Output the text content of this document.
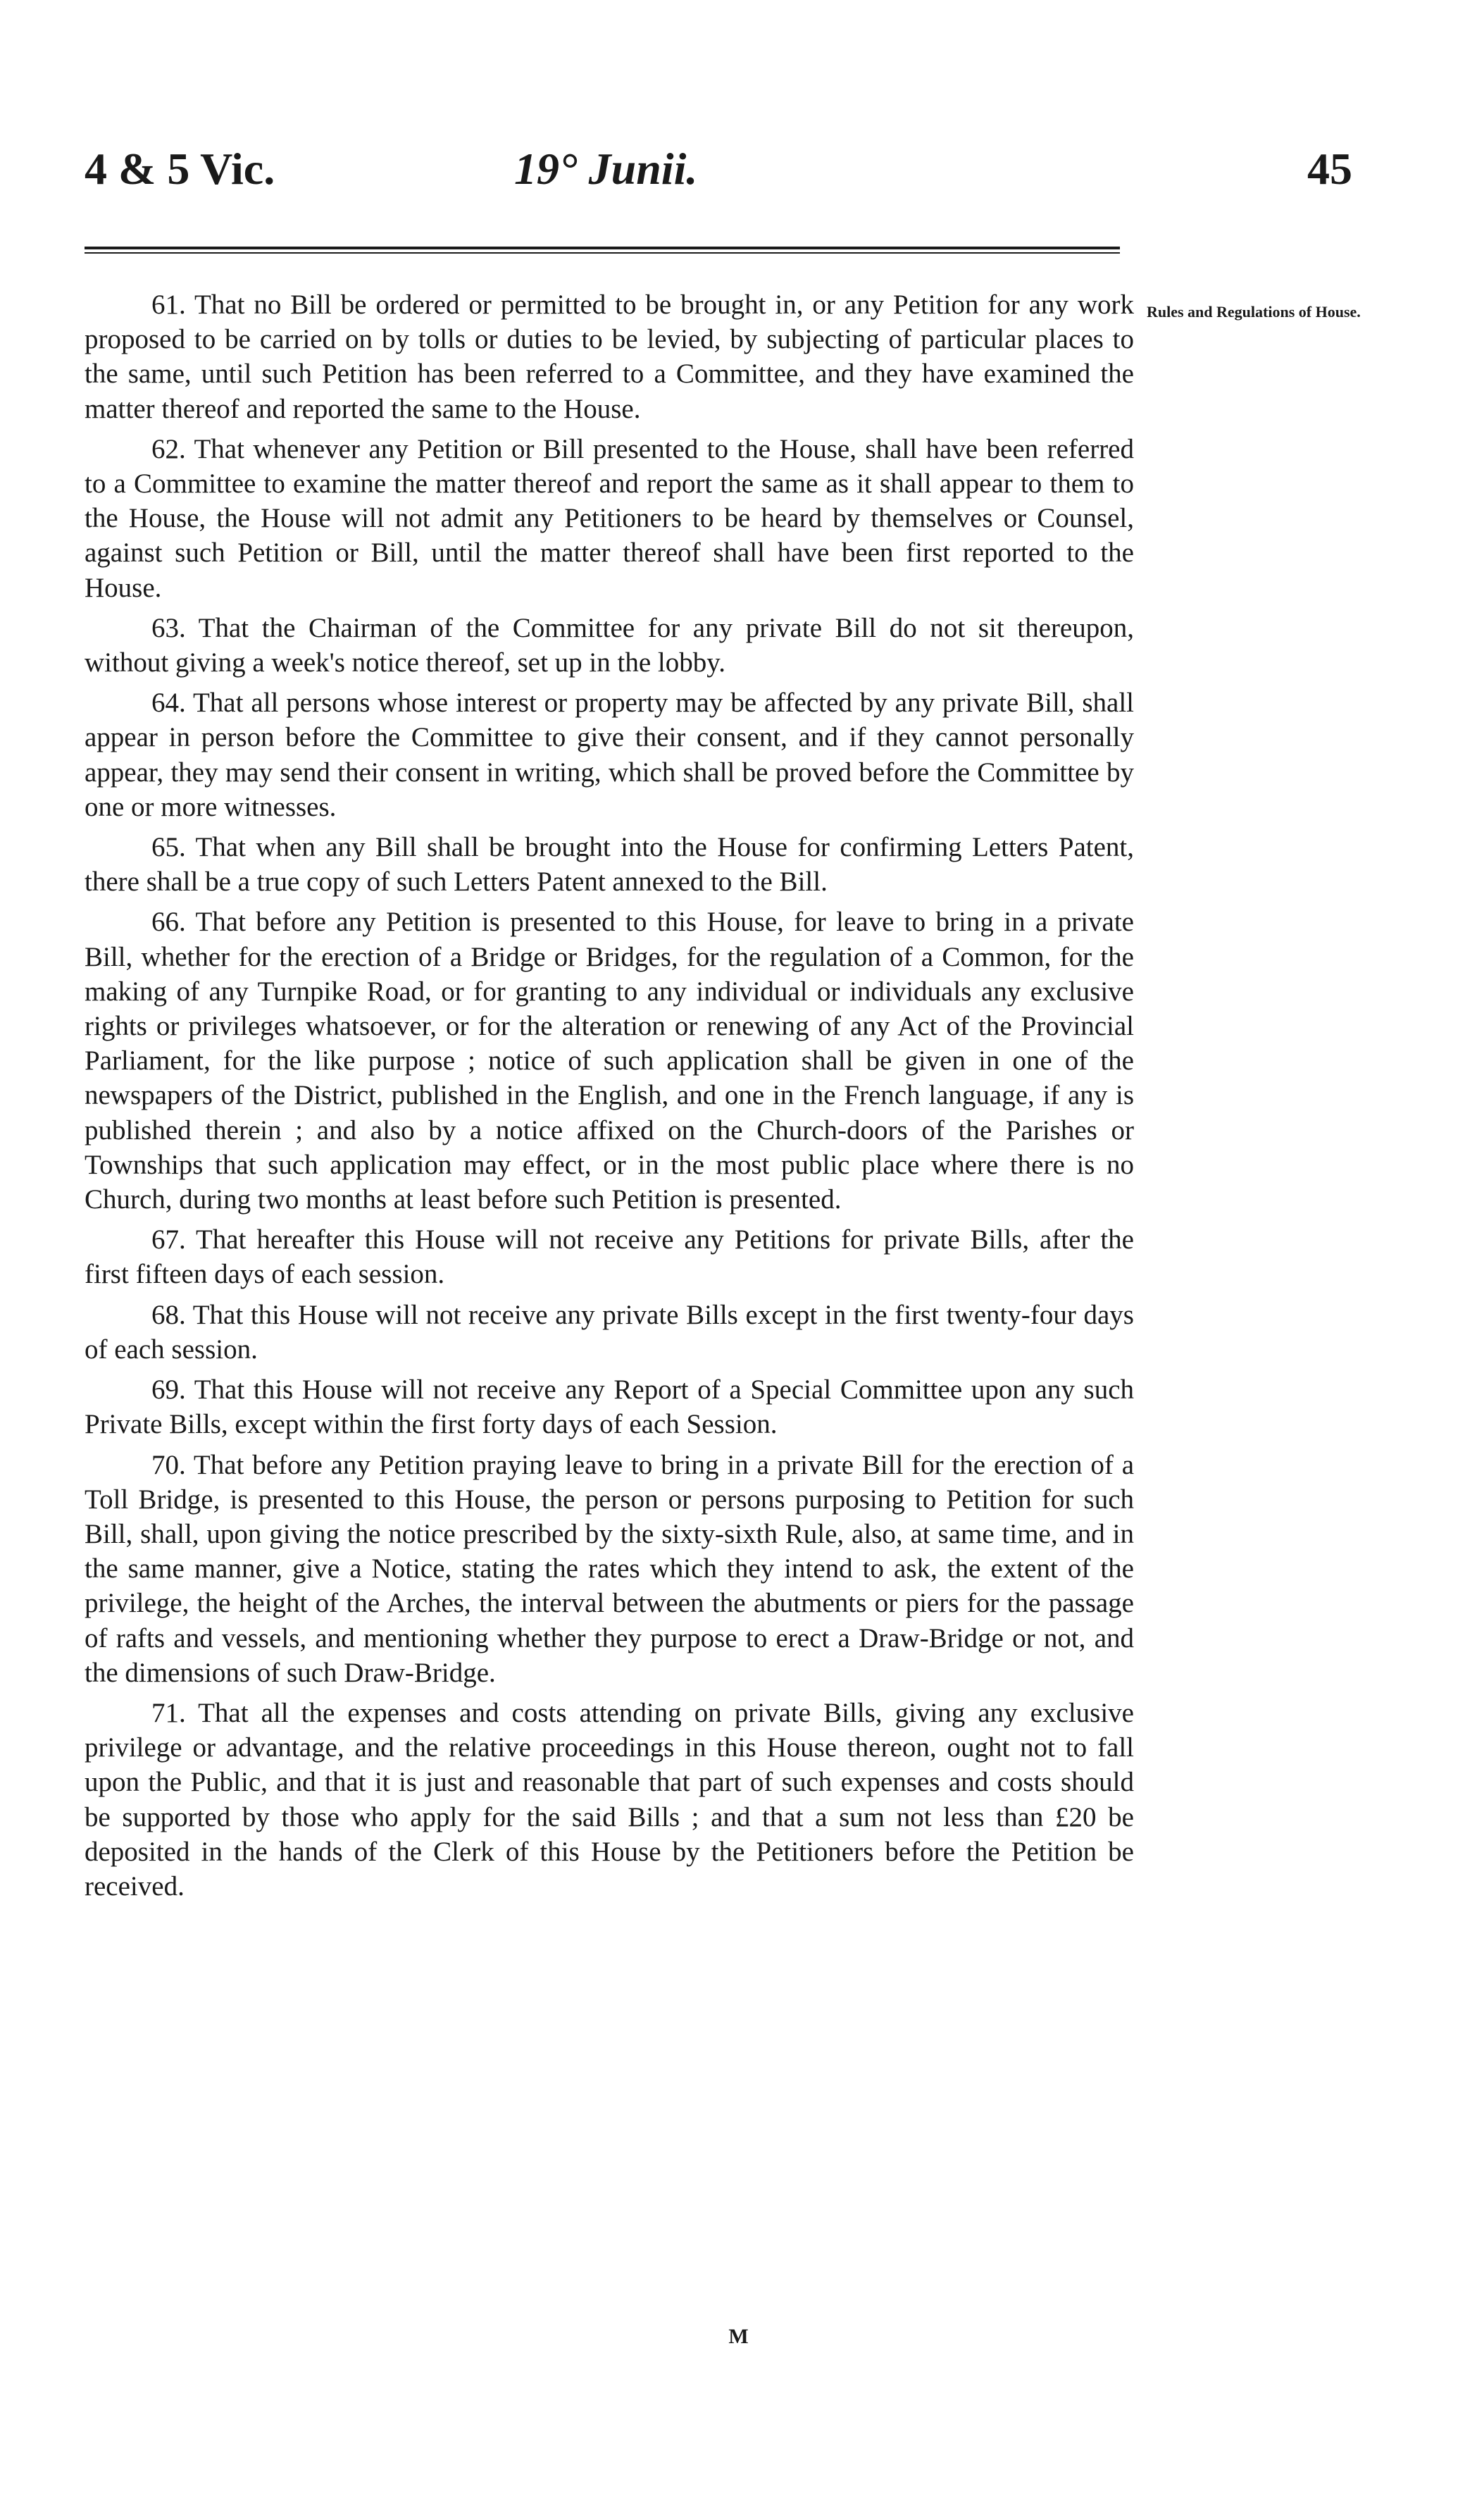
4 & 5 Vic.	19° Junii.	45
Rules and Regulations of House.

61. That no Bill be ordered or permitted to be brought in, or any Petition for any work proposed to be carried on by tolls or duties to be levied, by subjecting of particular places to the same, until such Petition has been referred to a Committee, and they have examined the matter thereof and reported the same to the House.

62. That whenever any Petition or Bill presented to the House, shall have been referred to a Committee to examine the matter thereof and report the same as it shall appear to them to the House, the House will not admit any Petitioners to be heard by themselves or Counsel, against such Petition or Bill, until the matter thereof shall have been first reported to the House.

63. That the Chairman of the Committee for any private Bill do not sit thereupon, without giving a week's notice thereof, set up in the lobby.

64. That all persons whose interest or property may be affected by any private Bill, shall appear in person before the Committee to give their consent, and if they cannot personally appear, they may send their consent in writing, which shall be proved before the Committee by one or more witnesses.

65. That when any Bill shall be brought into the House for confirming Letters Patent, there shall be a true copy of such Letters Patent annexed to the Bill.

66. That before any Petition is presented to this House, for leave to bring in a private Bill, whether for the erection of a Bridge or Bridges, for the regulation of a Common, for the making of any Turnpike Road, or for granting to any individual or individuals any exclusive rights or privileges whatsoever, or for the alteration or renewing of any Act of the Provincial Parliament, for the like purpose ; notice of such application shall be given in one of the newspapers of the District, published in the English, and one in the French language, if any is published therein ; and also by a notice affixed on the Church-doors of the Parishes or Townships that such application may effect, or in the most public place where there is no Church, during two months at least before such Petition is presented.

67. That hereafter this House will not receive any Petitions for private Bills, after the first fifteen days of each session.

68. That this House will not receive any private Bills except in the first twenty-four days of each session.

69. That this House will not receive any Report of a Special Committee upon any such Private Bills, except within the first forty days of each Session.

70. That before any Petition praying leave to bring in a private Bill for the erection of a Toll Bridge, is presented to this House, the person or persons purposing to Petition for such Bill, shall, upon giving the notice prescribed by the sixty-sixth Rule, also, at same time, and in the same manner, give a Notice, stating the rates which they intend to ask, the extent of the privilege, the height of the Arches, the interval between the abutments or piers for the passage of rafts and vessels, and mentioning whether they purpose to erect a Draw-Bridge or not, and the dimensions of such Draw-Bridge.

71. That all the expenses and costs attending on private Bills, giving any exclusive privilege or advantage, and the relative proceedings in this House thereon, ought not to fall upon the Public, and that it is just and reasonable that part of such expenses and costs should be supported by those who apply for the said Bills ; and that a sum not less than £20 be deposited in the hands of the Clerk of this House by the Petitioners before the Petition be received.

M
